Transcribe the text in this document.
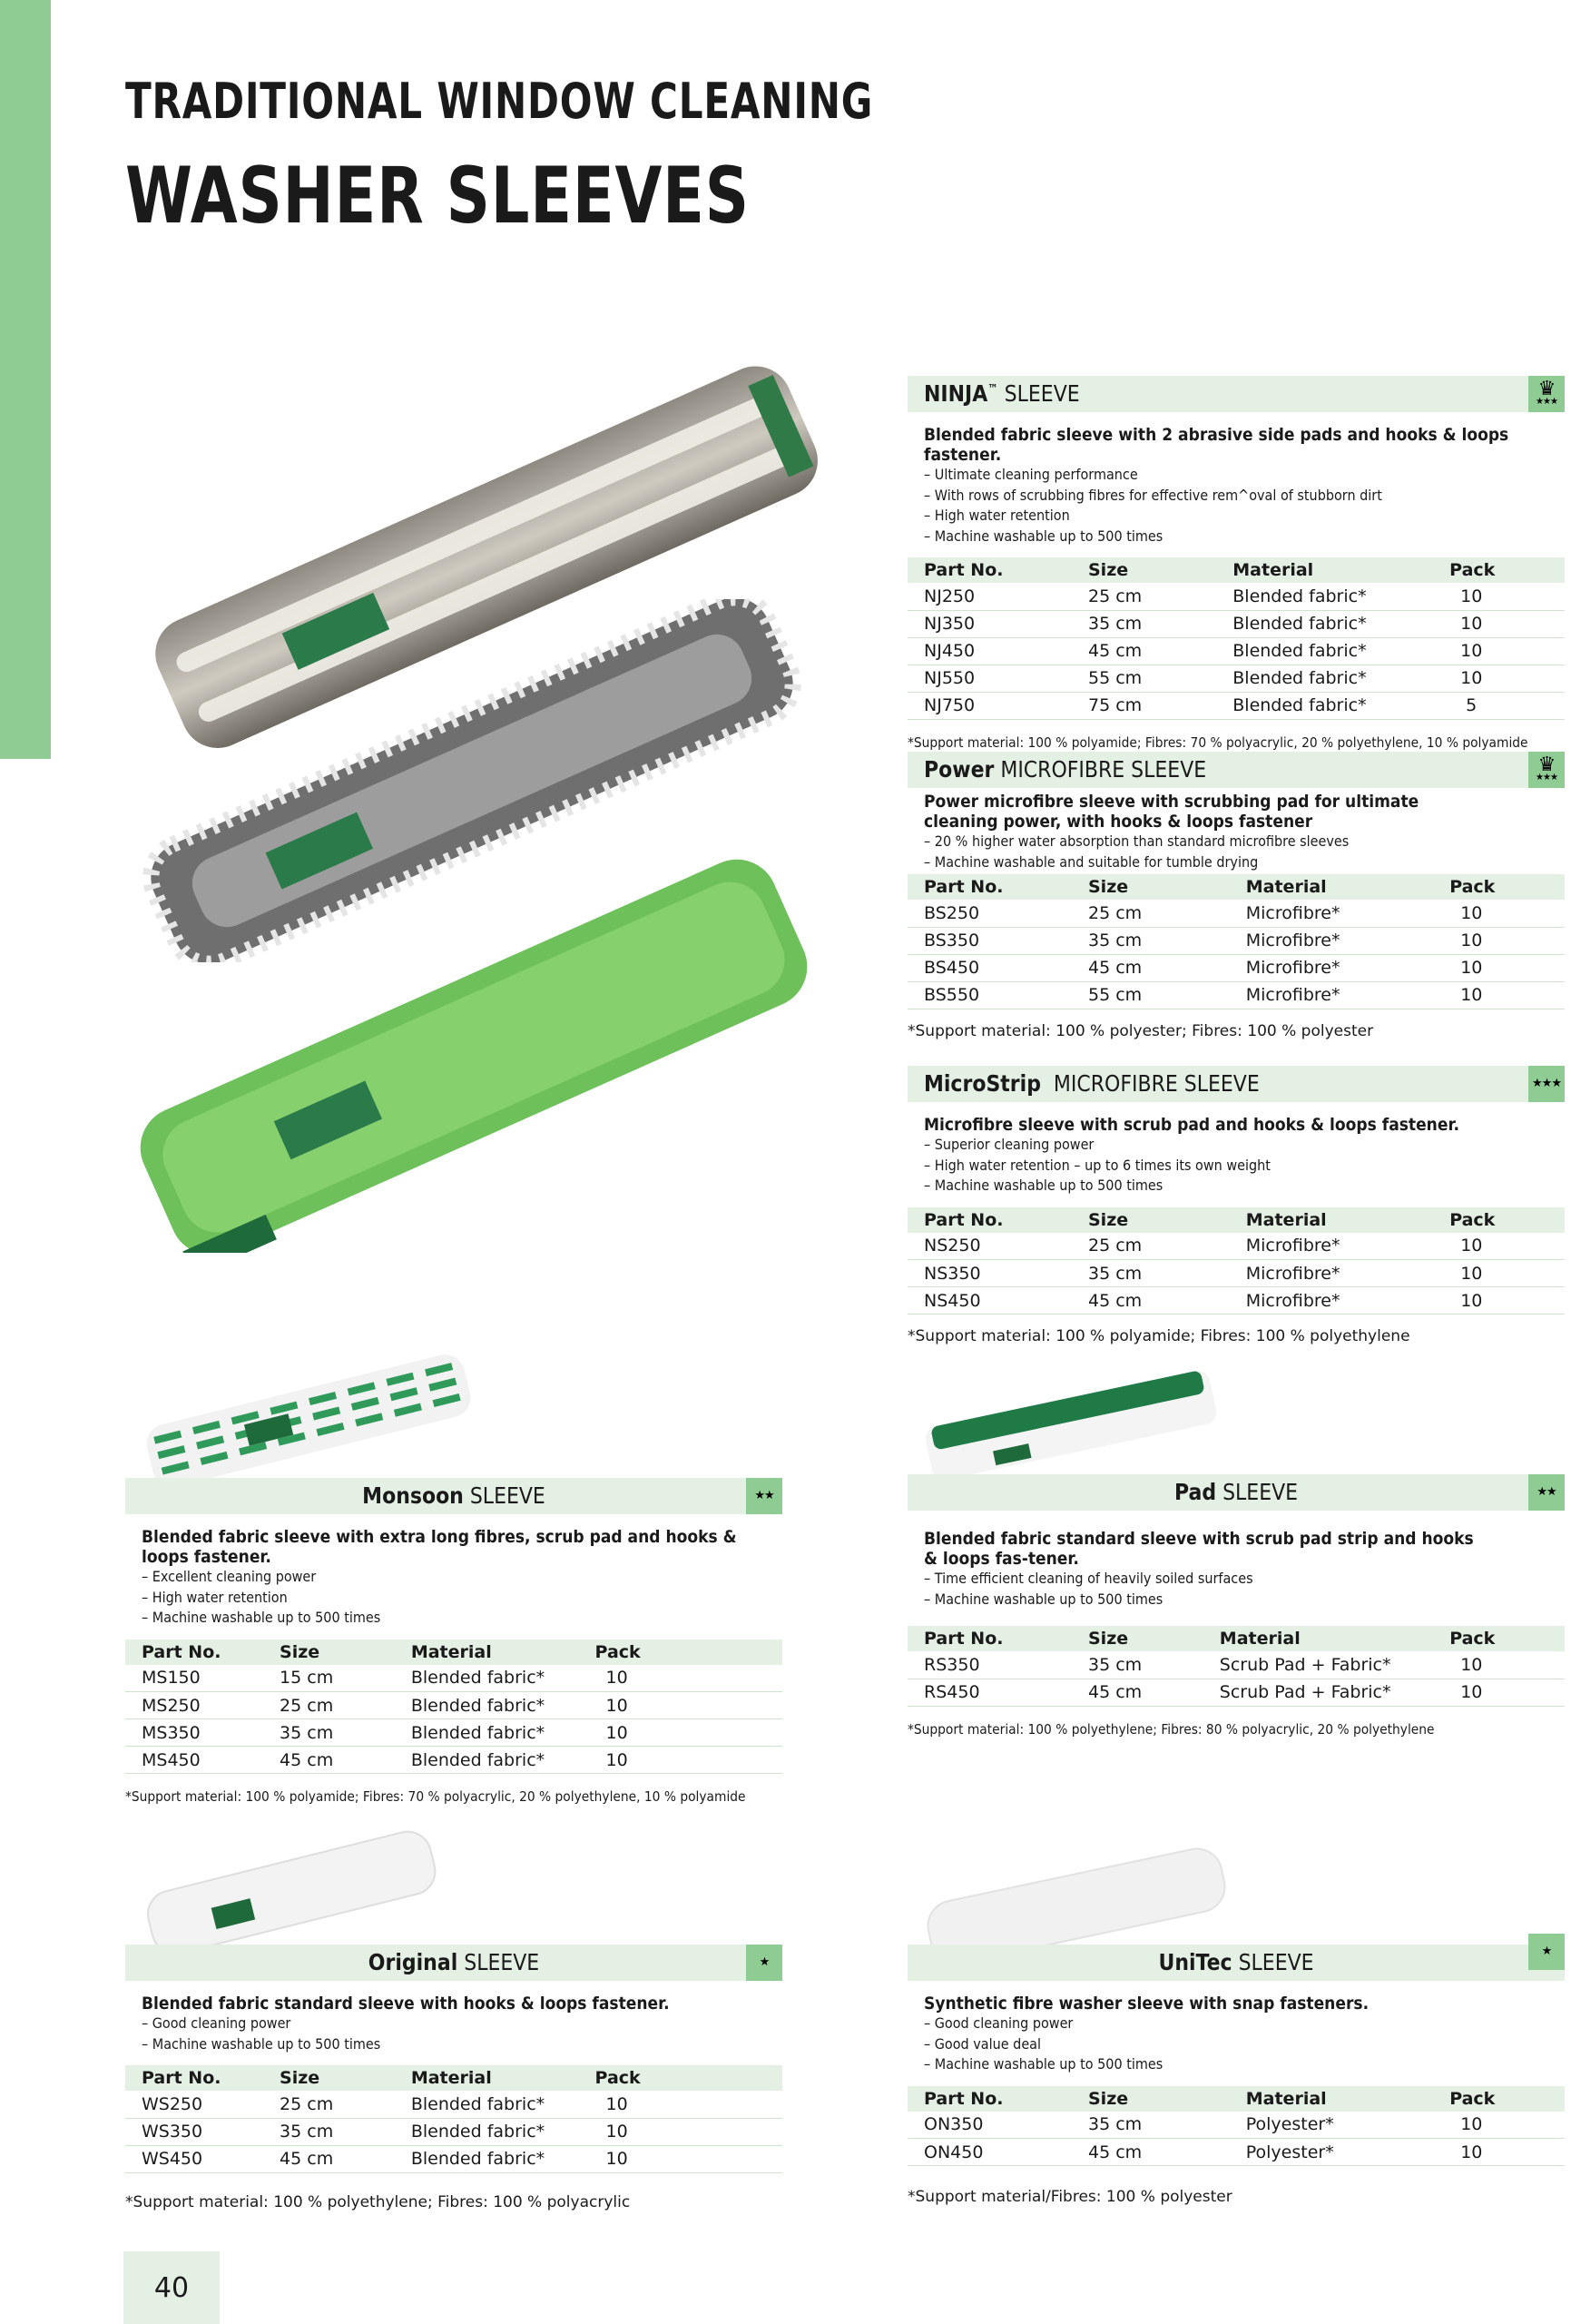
TRADITIONAL WINDOW CLEANING
WASHER SLEEVES
NINJA™ SLEEVE	♛
★★★
Blended fabric sleeve with 2 abrasive side pads and hooks & loops fastener.
– Ultimate cleaning performance
– With rows of scrubbing fibres for effective rem^oval of stubborn dirt
– High water retention
– Machine washable up to 500 times
Part No.	Size	Material	Pack
NJ250	25 cm	Blended fabric*	10
NJ350	35 cm	Blended fabric*	10
NJ450	45 cm	Blended fabric*	10
NJ550	55 cm	Blended fabric*	10
NJ750	75 cm	Blended fabric*	5
*Support material: 100 % polyamide; Fibres: 70 % polyacrylic, 20 % polyethylene, 10 % polyamide
Power MICROFIBRE SLEEVE	♛
★★★
Power microfibre sleeve with scrubbing pad for ultimate cleaning power, with hooks & loops fastener
– 20 % higher water absorption than standard microfibre sleeves
– Machine washable and suitable for tumble drying
Part No.	Size	Material	Pack
BS250	25 cm	Microfibre*	10
BS350	35 cm	Microfibre*	10
BS450	45 cm	Microfibre*	10
BS550	55 cm	Microfibre*	10
*Support material: 100 % polyester; Fibres: 100 % polyester
MicroStrip  MICROFIBRE SLEEVE	★★★
Microfibre sleeve with scrub pad and hooks & loops fastener.
– Superior cleaning power
– High water retention – up to 6 times its own weight
– Machine washable up to 500 times
Part No.	Size	Material	Pack
NS250	25 cm	Microfibre*	10
NS350	35 cm	Microfibre*	10
NS450	45 cm	Microfibre*	10
*Support material: 100 % polyamide; Fibres: 100 % polyethylene
Monsoon SLEEVE	★★
Blended fabric sleeve with extra long fibres, scrub pad and hooks & loops fastener.
– Excellent cleaning power
– High water retention
– Machine washable up to 500 times
Part No.	Size	Material	Pack
MS150	15 cm	Blended fabric*	10
MS250	25 cm	Blended fabric*	10
MS350	35 cm	Blended fabric*	10
MS450	45 cm	Blended fabric*	10
*Support material: 100 % polyamide; Fibres: 70 % polyacrylic, 20 % polyethylene, 10 % polyamide
Pad SLEEVE	★★
Blended fabric standard sleeve with scrub pad strip and hooks & loops fas-tener.
– Time efficient cleaning of heavily soiled surfaces
– Machine washable up to 500 times
Part No.	Size	Material	Pack
RS350	35 cm	Scrub Pad + Fabric*	10
RS450	45 cm	Scrub Pad + Fabric*	10
*Support material: 100 % polyethylene; Fibres: 80 % polyacrylic, 20 % polyethylene
Original SLEEVE	★
Blended fabric standard sleeve with hooks & loops fastener.
– Good cleaning power
– Machine washable up to 500 times
Part No.	Size	Material	Pack
WS250	25 cm	Blended fabric*	10
WS350	35 cm	Blended fabric*	10
WS450	45 cm	Blended fabric*	10
*Support material: 100 % polyethylene; Fibres: 100 % polyacrylic
UniTec SLEEVE	★
Synthetic fibre washer sleeve with snap fasteners.
– Good cleaning power
– Good value deal
– Machine washable up to 500 times
Part No.	Size	Material	Pack
ON350	35 cm	Polyester*	10
ON450	45 cm	Polyester*	10
*Support material/Fibres: 100 % polyester
40
